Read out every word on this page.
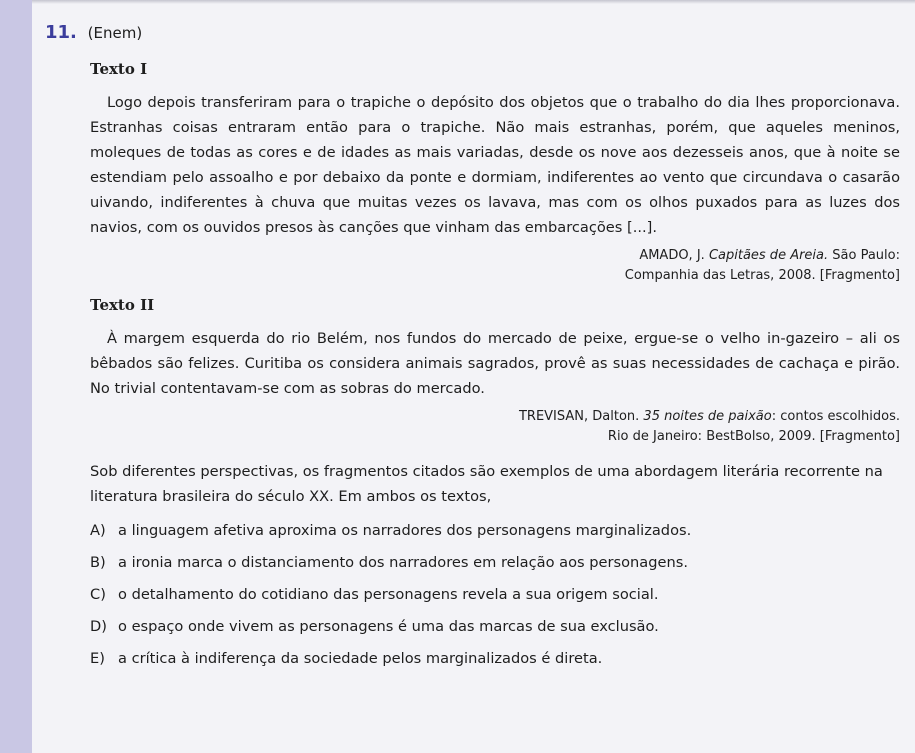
11. (Enem)
Texto I

Logo depois transferiram para o trapiche o depósito dos objetos que o trabalho do dia lhes proporcionava. Estranhas coisas entraram então para o trapiche. Não mais estranhas, porém, que aqueles meninos, moleques de todas as cores e de idades as mais variadas, desde os nove aos dezesseis anos, que à noite se estendiam pelo assoalho e por debaixo da ponte e dormiam, indiferentes ao vento que circundava o casarão uivando, indiferentes à chuva que muitas vezes os lavava, mas com os olhos puxados para as luzes dos navios, com os ouvidos presos às canções que vinham das embarcações [...].

AMADO, J. Capitães de Areia. São Paulo:
Companhia das Letras, 2008. [Fragmento]
Texto II

À margem esquerda do rio Belém, nos fundos do mercado de peixe, ergue-se o velho in-gazeiro – ali os bêbados são felizes. Curitiba os considera animais sagrados, provê as suas necessidades de cachaça e pirão. No trivial contentavam-se com as sobras do mercado.

TREVISAN, Dalton. 35 noites de paixão: contos escolhidos.
Rio de Janeiro: BestBolso, 2009. [Fragmento]

Sob diferentes perspectivas, os fragmentos citados são exemplos de uma abordagem literária recorrente na literatura brasileira do século XX. Em ambos os textos,

A) a linguagem afetiva aproxima os narradores dos personagens marginalizados.
B) a ironia marca o distanciamento dos narradores em relação aos personagens.
C) o detalhamento do cotidiano das personagens revela a sua origem social.
D) o espaço onde vivem as personagens é uma das marcas de sua exclusão.
E) a crítica à indiferença da sociedade pelos marginalizados é direta.
